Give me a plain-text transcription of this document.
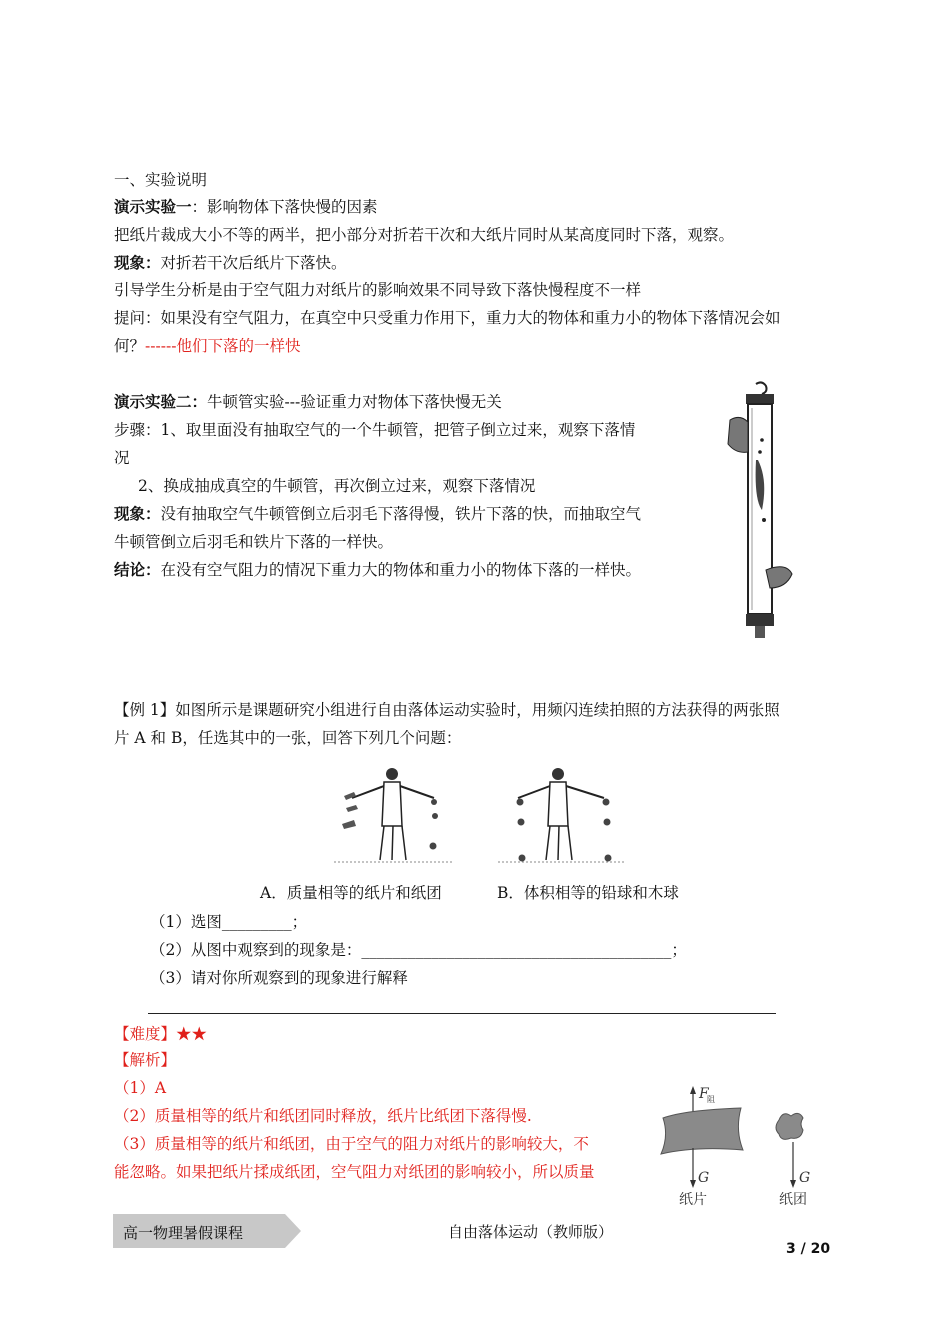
一、实验说明
演示实验一：影响物体下落快慢的因素
把纸片裁成大小不等的两半，把小部分对折若干次和大纸片同时从某高度同时下落，观察。
现象：对折若干次后纸片下落快。
引导学生分析是由于空气阻力对纸片的影响效果不同导致下落快慢程度不一样
提问：如果没有空气阻力，在真空中只受重力作用下，重力大的物体和重力小的物体下落情况会如
何？------他们下落的一样快
演示实验二：牛顿管实验---验证重力对物体下落快慢无关
步骤：1、取里面没有抽取空气的一个牛顿管，把管子倒立过来，观察下落情
况
2、换成抽成真空的牛顿管，再次倒立过来，观察下落情况
现象：没有抽取空气牛顿管倒立后羽毛下落得慢，铁片下落的快，而抽取空气
牛顿管倒立后羽毛和铁片下落的一样快。
结论：在没有空气阻力的情况下重力大的物体和重力小的物体下落的一样快。
【例 1】如图所示是课题研究小组进行自由落体运动实验时，用频闪连续拍照的方法获得的两张照
片 A 和 B，任选其中的一张，回答下列几个问题：
A．质量相等的纸片和纸团	B．体积相等的铅球和木球
（1）选图_________；
（2）从图中观察到的现象是：________________________________________；
（3）请对你所观察到的现象进行解释
【难度】★★
【解析】
（1）A
（2）质量相等的纸片和纸团同时释放，纸片比纸团下落得慢.
（3）质量相等的纸片和纸团，由于空气的阻力对纸片的影响较大，不
能忽略。如果把纸片揉成纸团，空气阻力对纸团的影响较小，所以质量
F
阻
G
纸片
G
纸团
高一物理暑假课程	自由落体运动（教师版）
3 / 20
